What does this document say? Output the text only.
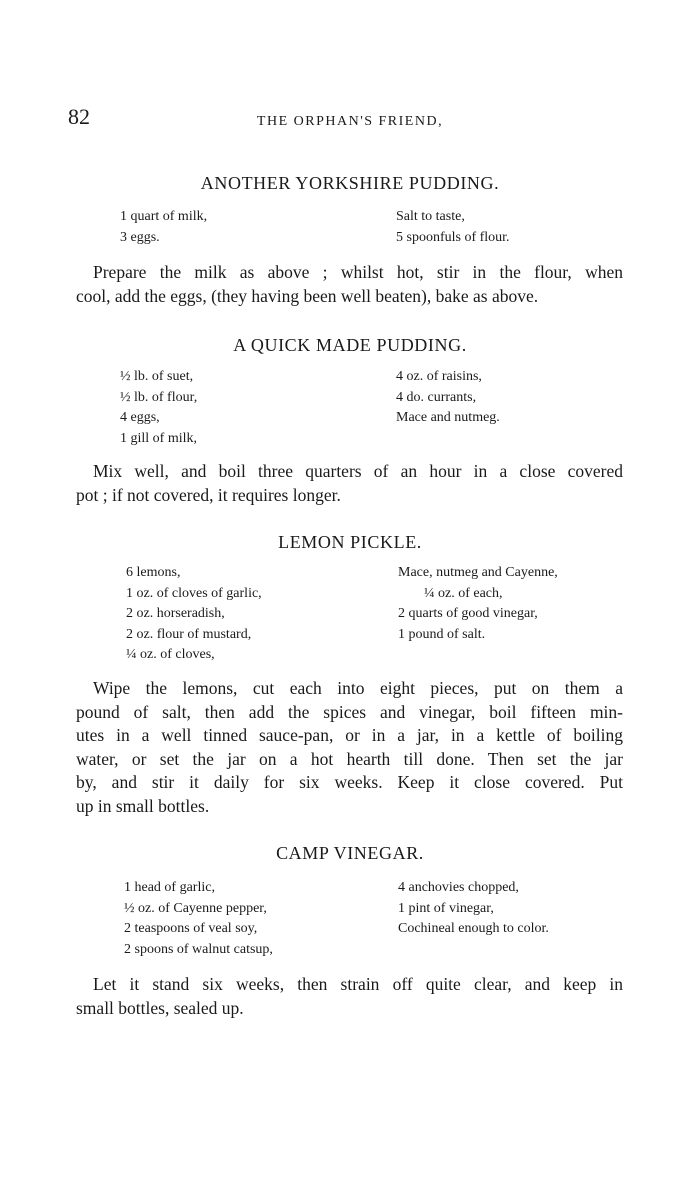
82	THE ORPHAN'S FRIEND,
ANOTHER YORKSHIRE PUDDING.
1 quart of milk,
3 eggs.
Salt to taste,
5 spoonfuls of flour.
Prepare the milk as above ; whilst hot, stir in the flour, when
cool, add the eggs, (they having been well beaten), bake as above.
A QUICK MADE PUDDING.
½ lb. of suet,
½ lb. of flour,
4 eggs,
1 gill of milk,
4 oz. of raisins,
4 do. currants,
Mace and nutmeg.
Mix well, and boil three quarters of an hour in a close covered
pot ; if not covered, it requires longer.
LEMON PICKLE.
6 lemons,
1 oz. of cloves of garlic,
2 oz. horseradish,
2 oz. flour of mustard,
¼ oz. of cloves,
Mace, nutmeg and Cayenne,
¼ oz. of each,
2 quarts of good vinegar,
1 pound of salt.
Wipe the lemons, cut each into eight pieces, put on them a
pound of salt, then add the spices and vinegar, boil fifteen min-
utes in a well tinned sauce-pan, or in a jar, in a kettle of boiling
water, or set the jar on a hot hearth till done. Then set the jar
by, and stir it daily for six weeks. Keep it close covered. Put
up in small bottles.
CAMP VINEGAR.
1 head of garlic,
½ oz. of Cayenne pepper,
2 teaspoons of veal soy,
2 spoons of walnut catsup,
4 anchovies chopped,
1 pint of vinegar,
Cochineal enough to color.
Let it stand six weeks, then strain off quite clear, and keep in
small bottles, sealed up.
